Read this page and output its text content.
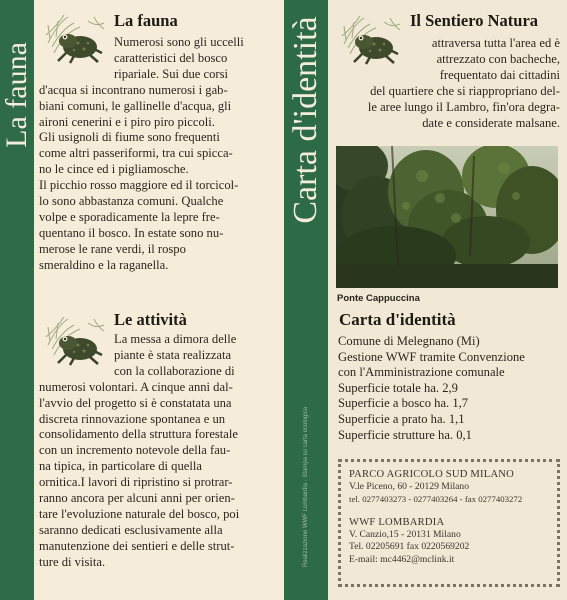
La fauna
La fauna
Numerosi sono gli uccelli
caratteristici del bosco
ripariale. Sui due corsi
d'acqua si incontrano numerosi i gab-
biani comuni, le gallinelle d'acqua, gli
aironi cenerini e i piro piro piccoli.
Gli usignoli di fiume sono frequenti
come altri passeriformi, tra cui spicca-
no le cince ed i pigliamosche.
Il picchio rosso maggiore ed il torcicol-
lo sono abbastanza comuni. Qualche
volpe e sporadicamente la lepre fre-
quentano il bosco. In estate sono nu-
merose le rane verdi, il rospo
smeraldino e la raganella.
Le attività
La messa a dimora delle
piante è stata realizzata
con la collaborazione di
numerosi volontari. A cinque anni dal-
l'avvio del progetto si è constatata una
discreta rinnovazione spontanea e un
consolidamento della struttura forestale
con un incremento notevole della fau-
na tipica, in particolare di quella
ornitica.I lavori di ripristino si protrar-
ranno ancora per alcuni anni per orien-
tare l'evoluzione naturale del bosco, poi
saranno dedicati esclusivamente alla
manutenzione dei sentieri e delle strut-
ture di visita.
Carta d'identità
Realizzazione WWF Lombardia · Stampa su carta ecologica
Il Sentiero Natura
attraversa tutta l'area ed è
attrezzato con bacheche,
frequentato dai cittadini
del quartiere che si riappropriano del-
le aree lungo il Lambro, fin'ora degra-
date e considerate malsane.
Ponte Cappuccina
Carta d'identità
Comune di Melegnano (Mi)
Gestione WWF tramite Convenzione
con l'Amministrazione comunale
Superficie totale ha. 2,9
Superficie a bosco ha. 1,7
Superficie a prato ha. 1,1
Superficie strutture ha. 0,1
PARCO AGRICOLO SUD MILANO
V.le Piceno, 60 - 20129 Milano
tel. 0277403273 - 0277403264 - fax 0277403272
WWF LOMBARDIA
V. Canzio,15 - 20131 Milano
Tel. 02205691 fax 0220569202
E-mail: mc4462@mclink.it
